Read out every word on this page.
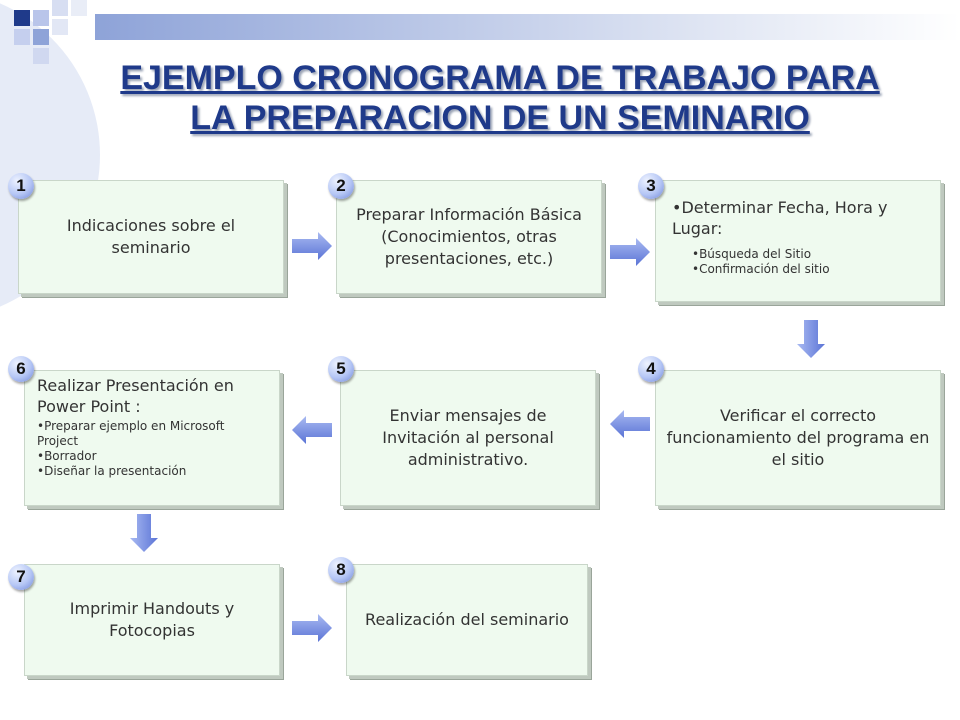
EJEMPLO CRONOGRAMA DE TRABAJO PARA
LA PREPARACION DE UN SEMINARIO
Indicaciones sobre el seminario
1
Preparar Información Básica (Conocimientos, otras presentaciones, etc.)
2
•Determinar Fecha, Hora y Lugar:
•Búsqueda del Sitio
•Confirmación del sitio
3
Verificar el correcto funcionamiento del programa en el sitio
4
Enviar mensajes de Invitación al personal administrativo.
5
Realizar Presentación en Power Point :
•Preparar ejemplo en Microsoft Project
•Borrador
•Diseñar la presentación
6
Imprimir Handouts y Fotocopias
7
Realización del seminario
8
